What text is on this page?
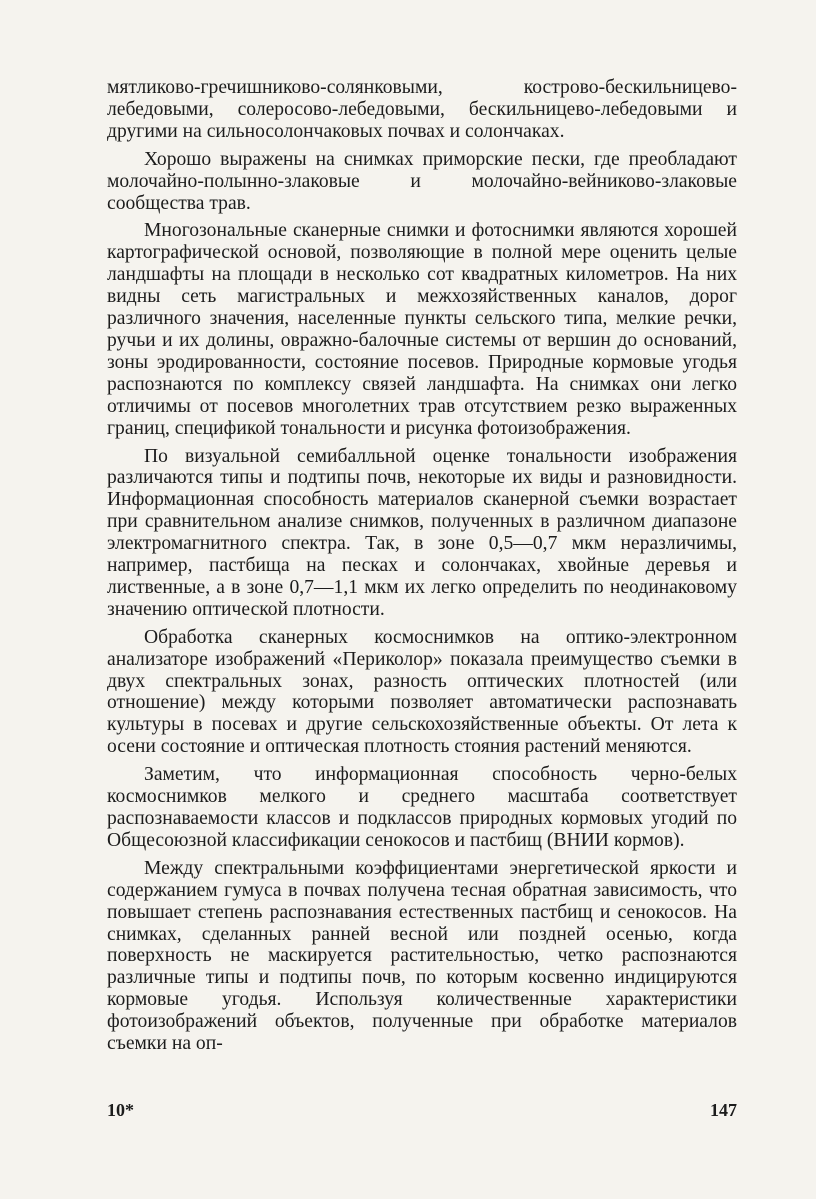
мятликово-гречишниково-солянковыми, кострово-бескильницево-лебедовыми, солеросово-лебедовыми, бескильницево-лебедовыми и другими на сильносолончаковых почвах и солончаках.

Хорошо выражены на снимках приморские пески, где преобладают молочайно-полынно-злаковые и молочайно-вейниково-злаковые сообщества трав.

Многозональные сканерные снимки и фотоснимки являются хорошей картографической основой, позволяющие в полной мере оценить целые ландшафты на площади в несколько сот квадратных километров. На них видны сеть магистральных и межхозяйственных каналов, дорог различного значения, населенные пункты сельского типа, мелкие речки, ручьи и их долины, овражно-балочные системы от вершин до оснований, зоны эродированности, состояние посевов. Природные кормовые угодья распознаются по комплексу связей ландшафта. На снимках они легко отличимы от посевов многолетних трав отсутствием резко выраженных границ, спецификой тональности и рисунка фотоизображения.

По визуальной семибалльной оценке тональности изображения различаются типы и подтипы почв, некоторые их виды и разновидности. Информационная способность материалов сканерной съемки возрастает при сравнительном анализе снимков, полученных в различном диапазоне электромагнитного спектра. Так, в зоне 0,5—0,7 мкм неразличимы, например, пастбища на песках и солончаках, хвойные деревья и лиственные, а в зоне 0,7—1,1 мкм их легко определить по неодинаковому значению оптической плотности.

Обработка сканерных космоснимков на оптико-электронном анализаторе изображений «Периколор» показала преимущество съемки в двух спектральных зонах, разность оптических плотностей (или отношение) между которыми позволяет автоматически распознавать культуры в посевах и другие сельскохозяйственные объекты. От лета к осени состояние и оптическая плотность стояния растений меняются.

Заметим, что информационная способность черно-белых космоснимков мелкого и среднего масштаба соответствует распознаваемости классов и подклассов природных кормовых угодий по Общесоюзной классификации сенокосов и пастбищ (ВНИИ кормов).

Между спектральными коэффициентами энергетической яркости и содержанием гумуса в почвах получена тесная обратная зависимость, что повышает степень распознавания естественных пастбищ и сенокосов. На снимках, сделанных ранней весной или поздней осенью, когда поверхность не маскируется растительностью, четко распознаются различные типы и подтипы почв, по которым косвенно индицируются кормовые угодья. Используя количественные характеристики фотоизображений объектов, полученные при обработке материалов съемки на оп-

10*	147
